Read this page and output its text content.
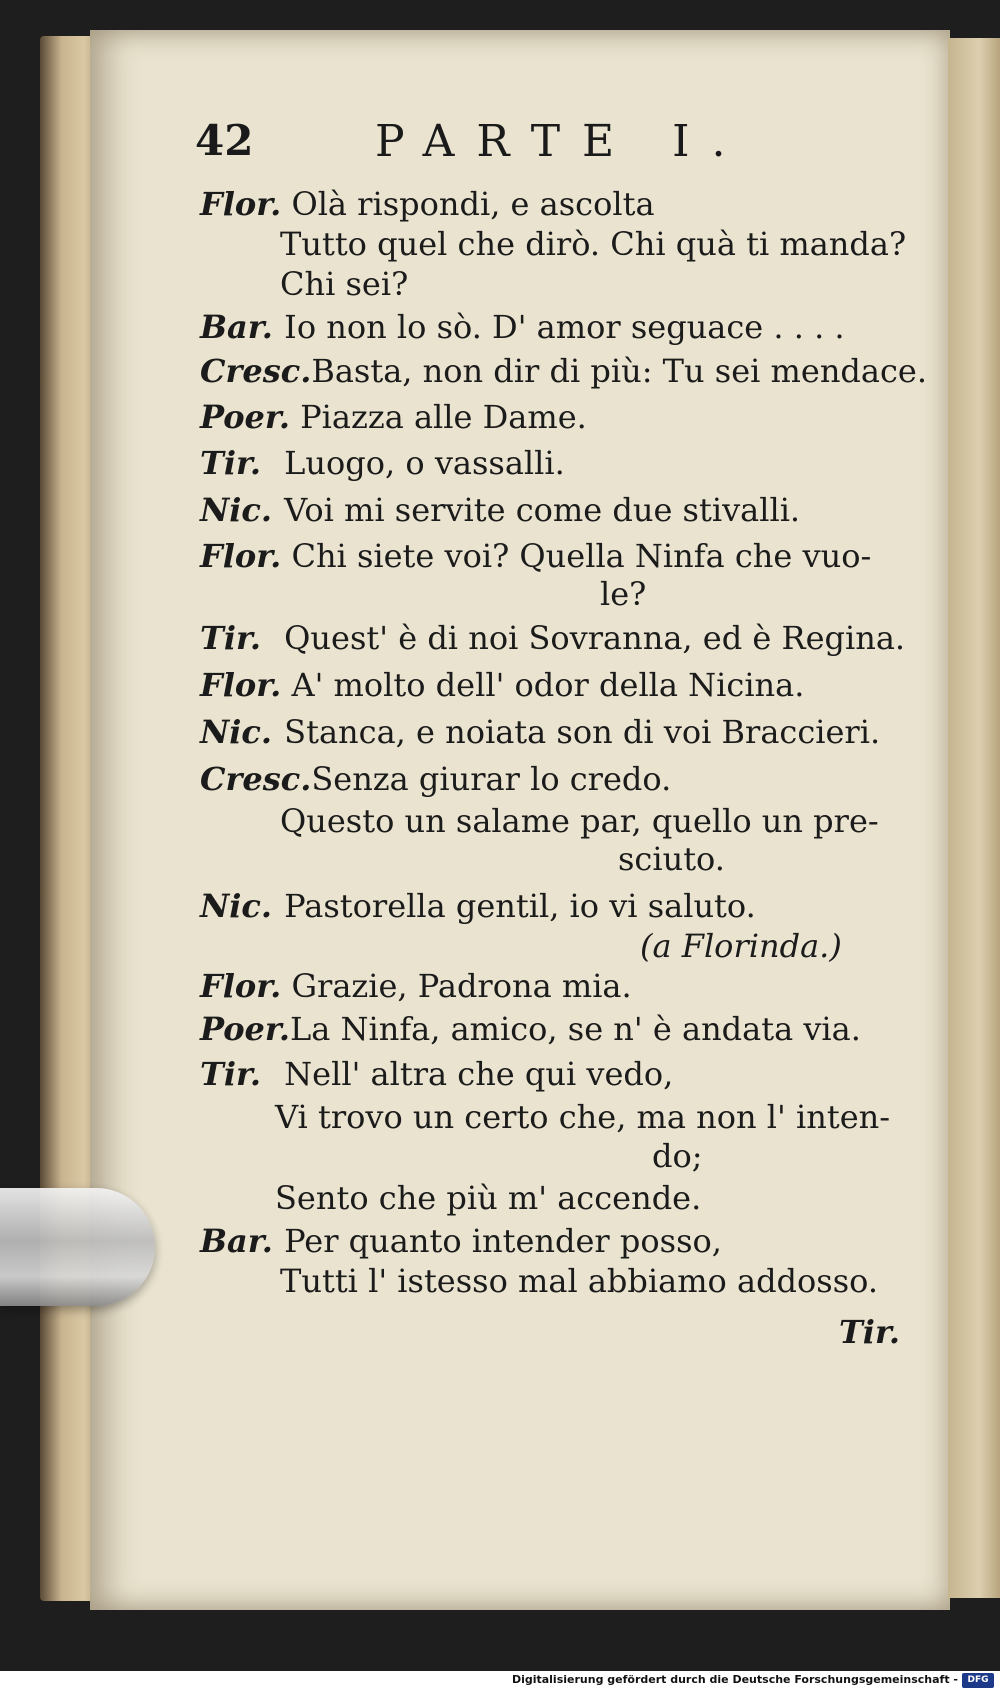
42	PARTE I.
Flor. Olà rispondi, e ascolta
Tutto quel che dirò. Chi quà ti manda?
Chi sei?
Bar. Io non lo sò. D' amor seguace . . . .
Cresc.Basta, non dir di più: Tu sei mendace.
Poer. Piazza alle Dame.
Tir. Luogo, o vassalli.
Nic. Voi mi servite come due stivalli.
Flor. Chi siete voi? Quella Ninfa che vuo-
le?
Tir. Quest' è di noi Sovranna, ed è Regina.
Flor. A' molto dell' odor della Nicina.
Nic. Stanca, e noiata son di voi Braccieri.
Cresc.Senza giurar lo credo.
Questo un salame par, quello un pre-
sciuto.
Nic. Pastorella gentil, io vi saluto.
(a Florinda.)
Flor. Grazie, Padrona mia.
Poer.La Ninfa, amico, se n' è andata via.
Tir. Nell' altra che qui vedo,
Vi trovo un certo che, ma non l' inten-
do;
Sento che più m' accende.
Bar. Per quanto intender posso,
Tutti l' istesso mal abbiamo addosso.
Tir.
Digitalisierung gefördert durch die Deutsche Forschungsgemeinschaft -	DFG
